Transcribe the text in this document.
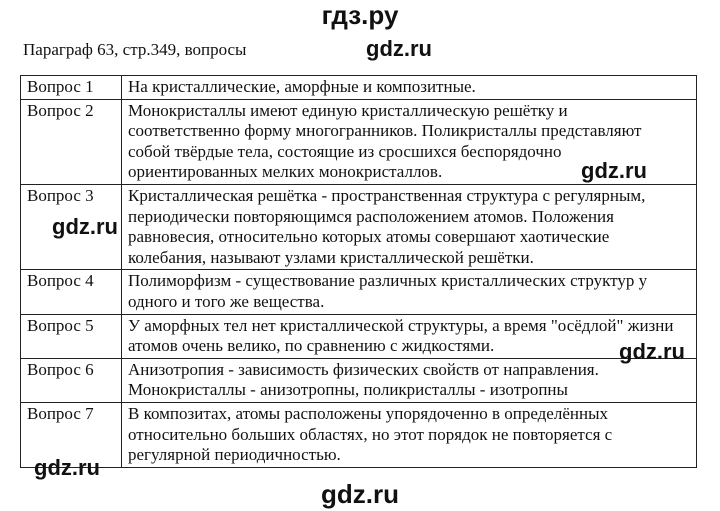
гдз.ру
Параграф 63, стр.349, вопросы	gdz.ru
Вопрос 1	На кристаллические, аморфные и композитные.

Вопрос 2	Монокристаллы имеют единую кристаллическую решётку и
соответственно форму многогранников. Поликристаллы представляют
собой твёрдые тела, состоящие из сросшихся беспорядочно
ориентированных мелких монокристаллов.

Вопрос 3	Кристаллическая решётка - пространственная структура с регулярным,
периодически повторяющимся расположением атомов. Положения
равновесия, относительно которых атомы совершают хаотические
колебания, называют узлами кристаллической решётки.

Вопрос 4	Полиморфизм - существование различных кристаллических структур у
одного и того же вещества.

Вопрос 5	У аморфных тел нет кристаллической структуры, а время "осёдлой" жизни
атомов очень велико, по сравнению с жидкостями.

Вопрос 6	Анизотропия - зависимость физических свойств от направления.
Монокристаллы - анизотропны, поликристаллы - изотропны

Вопрос 7	В композитах, атомы расположены упорядоченно в определённых
относительно больших областях, но этот порядок не повторяется с
регулярной периодичностью.
gdz.ru
gdz.ru
gdz.ru
gdz.ru
gdz.ru
